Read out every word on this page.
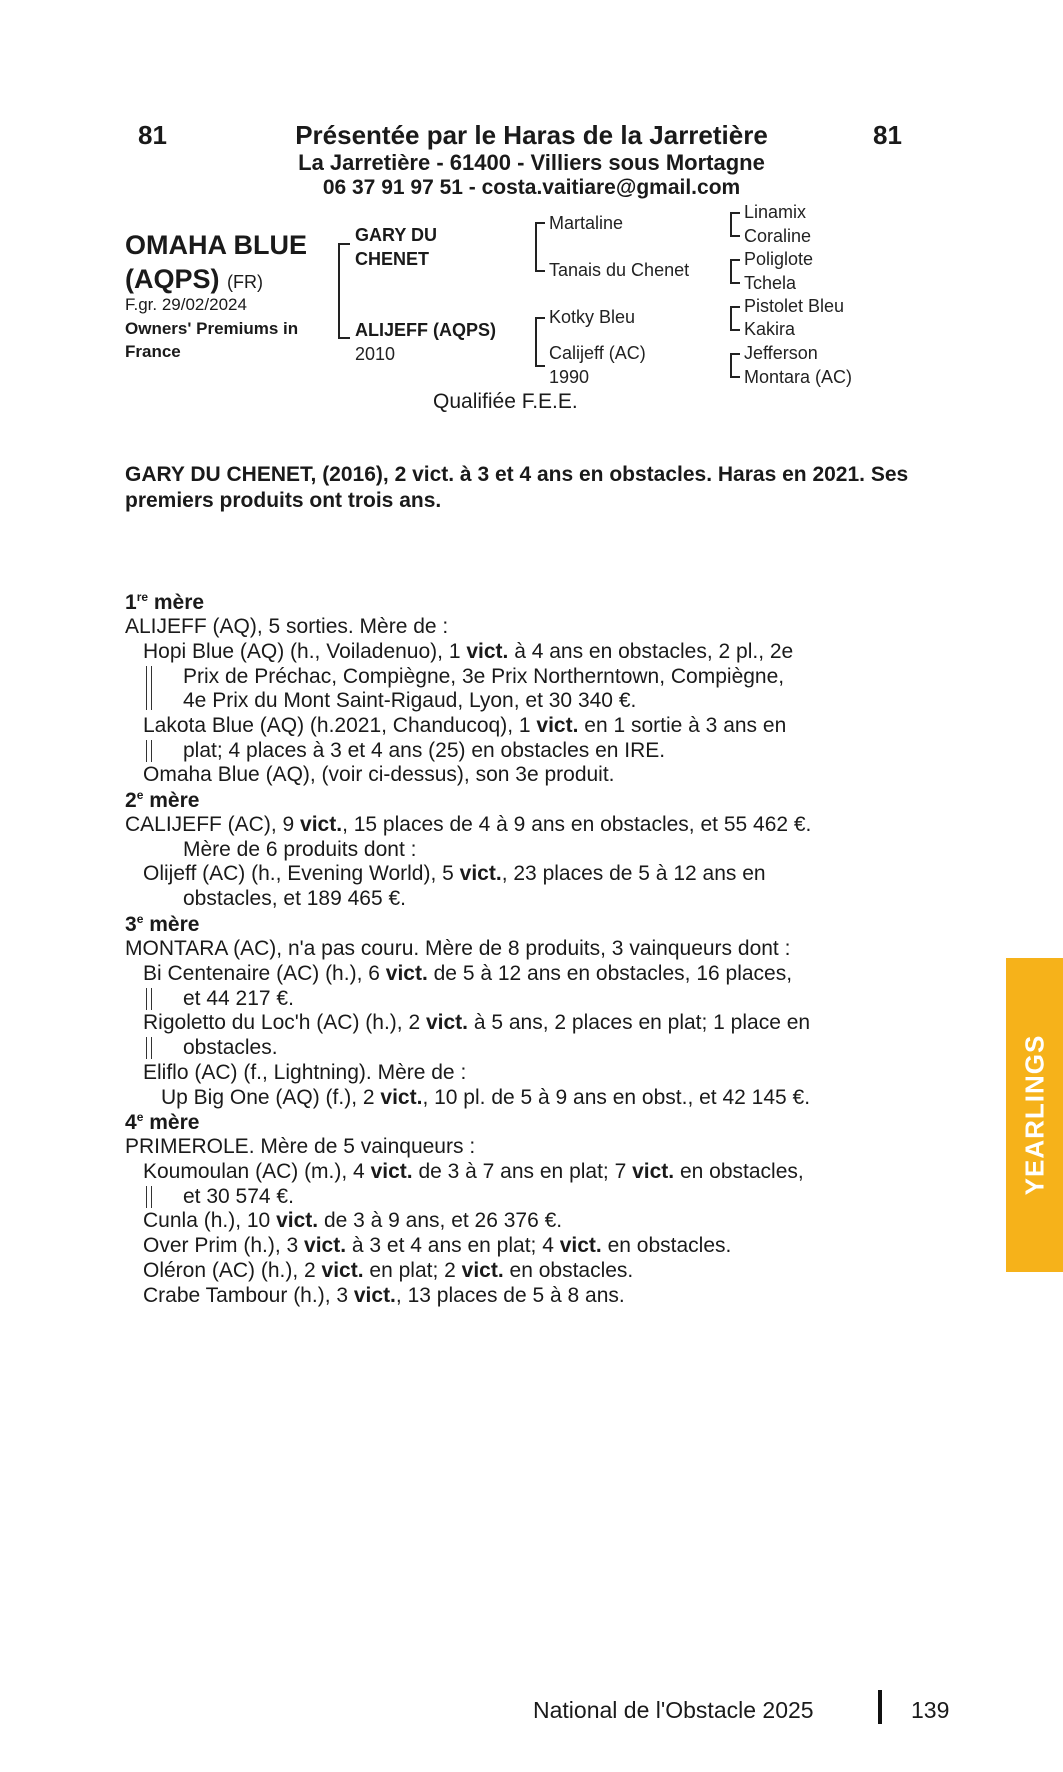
81	Présentée par le Haras de la Jarretière	81
La Jarretière - 61400 - Villiers sous Mortagne
06 37 91 97 51 - costa.vaitiare@gmail.com
OMAHA BLUE
(AQPS) (FR)
F.gr. 29/02/2024
Owners' Premiums in
France
GARY DU
CHENET
ALIJEFF (AQPS)
2010
Martaline
Tanais du Chenet
Kotky Bleu
Calijeff (AC)
1990
Linamix
Coraline
Poliglote
Tchela
Pistolet Bleu
Kakira
Jefferson
Montara (AC)
Qualifiée F.E.E.
GARY DU CHENET, (2016), 2 vict. à 3 et 4 ans en obstacles. Haras en 2021. Ses premiers produits ont trois ans.
1re mère
ALIJEFF (AQ), 5 sorties. Mère de :
Hopi Blue (AQ) (h., Voiladenuo), 1 vict. à 4 ans en obstacles, 2 pl., 2e
Prix de Préchac, Compiègne, 3e Prix Northerntown, Compiègne,
4e Prix du Mont Saint-Rigaud, Lyon, et 30 340 €.
Lakota Blue (AQ) (h.2021, Chanducoq), 1 vict. en 1 sortie à 3 ans en
plat; 4 places à 3 et 4 ans (25) en obstacles en IRE.
Omaha Blue (AQ), (voir ci-dessus), son 3e produit.
2e mère
CALIJEFF (AC), 9 vict., 15 places de 4 à 9 ans en obstacles, et 55 462 €.
Mère de 6 produits dont :
Olijeff (AC) (h., Evening World), 5 vict., 23 places de 5 à 12 ans en
obstacles, et 189 465 €.
3e mère
MONTARA (AC), n'a pas couru. Mère de 8 produits, 3 vainqueurs dont :
Bi Centenaire (AC) (h.), 6 vict. de 5 à 12 ans en obstacles, 16 places,
et 44 217 €.
Rigoletto du Loc'h (AC) (h.), 2 vict. à 5 ans, 2 places en plat; 1 place en
obstacles.
Eliflo (AC) (f., Lightning). Mère de :
Up Big One (AQ) (f.), 2 vict., 10 pl. de 5 à 9 ans en obst., et 42 145 €.
4e mère
PRIMEROLE. Mère de 5 vainqueurs :
Koumoulan (AC) (m.), 4 vict. de 3 à 7 ans en plat; 7 vict. en obstacles,
et 30 574 €.
Cunla (h.), 10 vict. de 3 à 9 ans, et 26 376 €.
Over Prim (h.), 3 vict. à 3 et 4 ans en plat; 4 vict. en obstacles.
Oléron (AC) (h.), 2 vict. en plat; 2 vict. en obstacles.
Crabe Tambour (h.), 3 vict., 13 places de 5 à 8 ans.
YEARLINGS
National de l'Obstacle 2025	139
